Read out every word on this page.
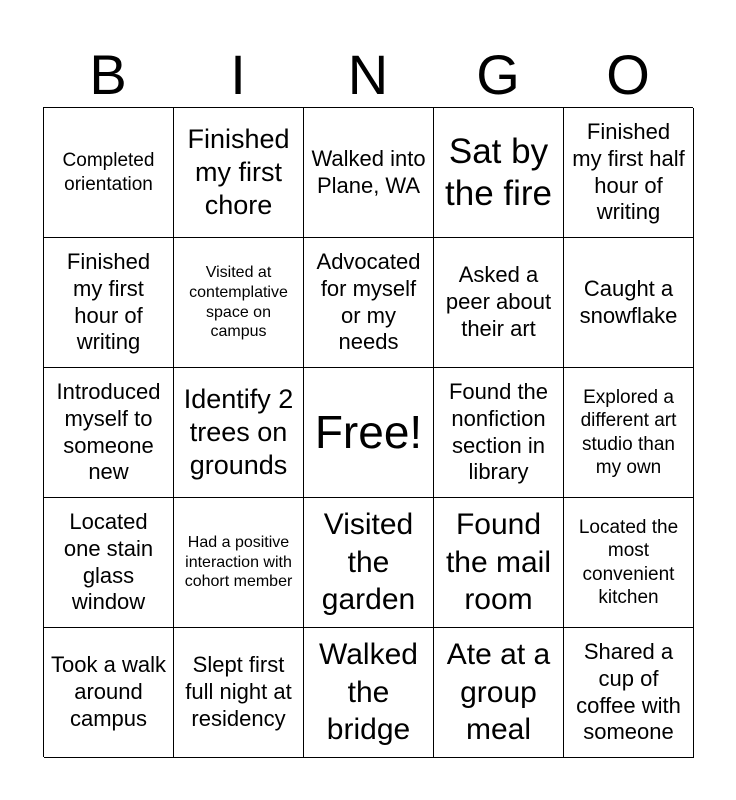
B	I	N	G	O
Completed orientation
Finished my first chore
Walked into Plane, WA
Sat by the fire
Finished my first half hour of writing
Finished my first hour of writing
Visited at contemplative space on campus
Advocated for myself or my needs
Asked a peer about their art
Caught a snowflake
Introduced myself to someone new
Identify 2 trees on grounds
Free!
Found the nonfiction section in library
Explored a different art studio than my own
Located one stain glass window
Had a positive interaction with cohort member
Visited the garden
Found the mail room
Located the most convenient kitchen
Took a walk around campus
Slept first full night at residency
Walked the bridge
Ate at a group meal
Shared a cup of coffee with someone
